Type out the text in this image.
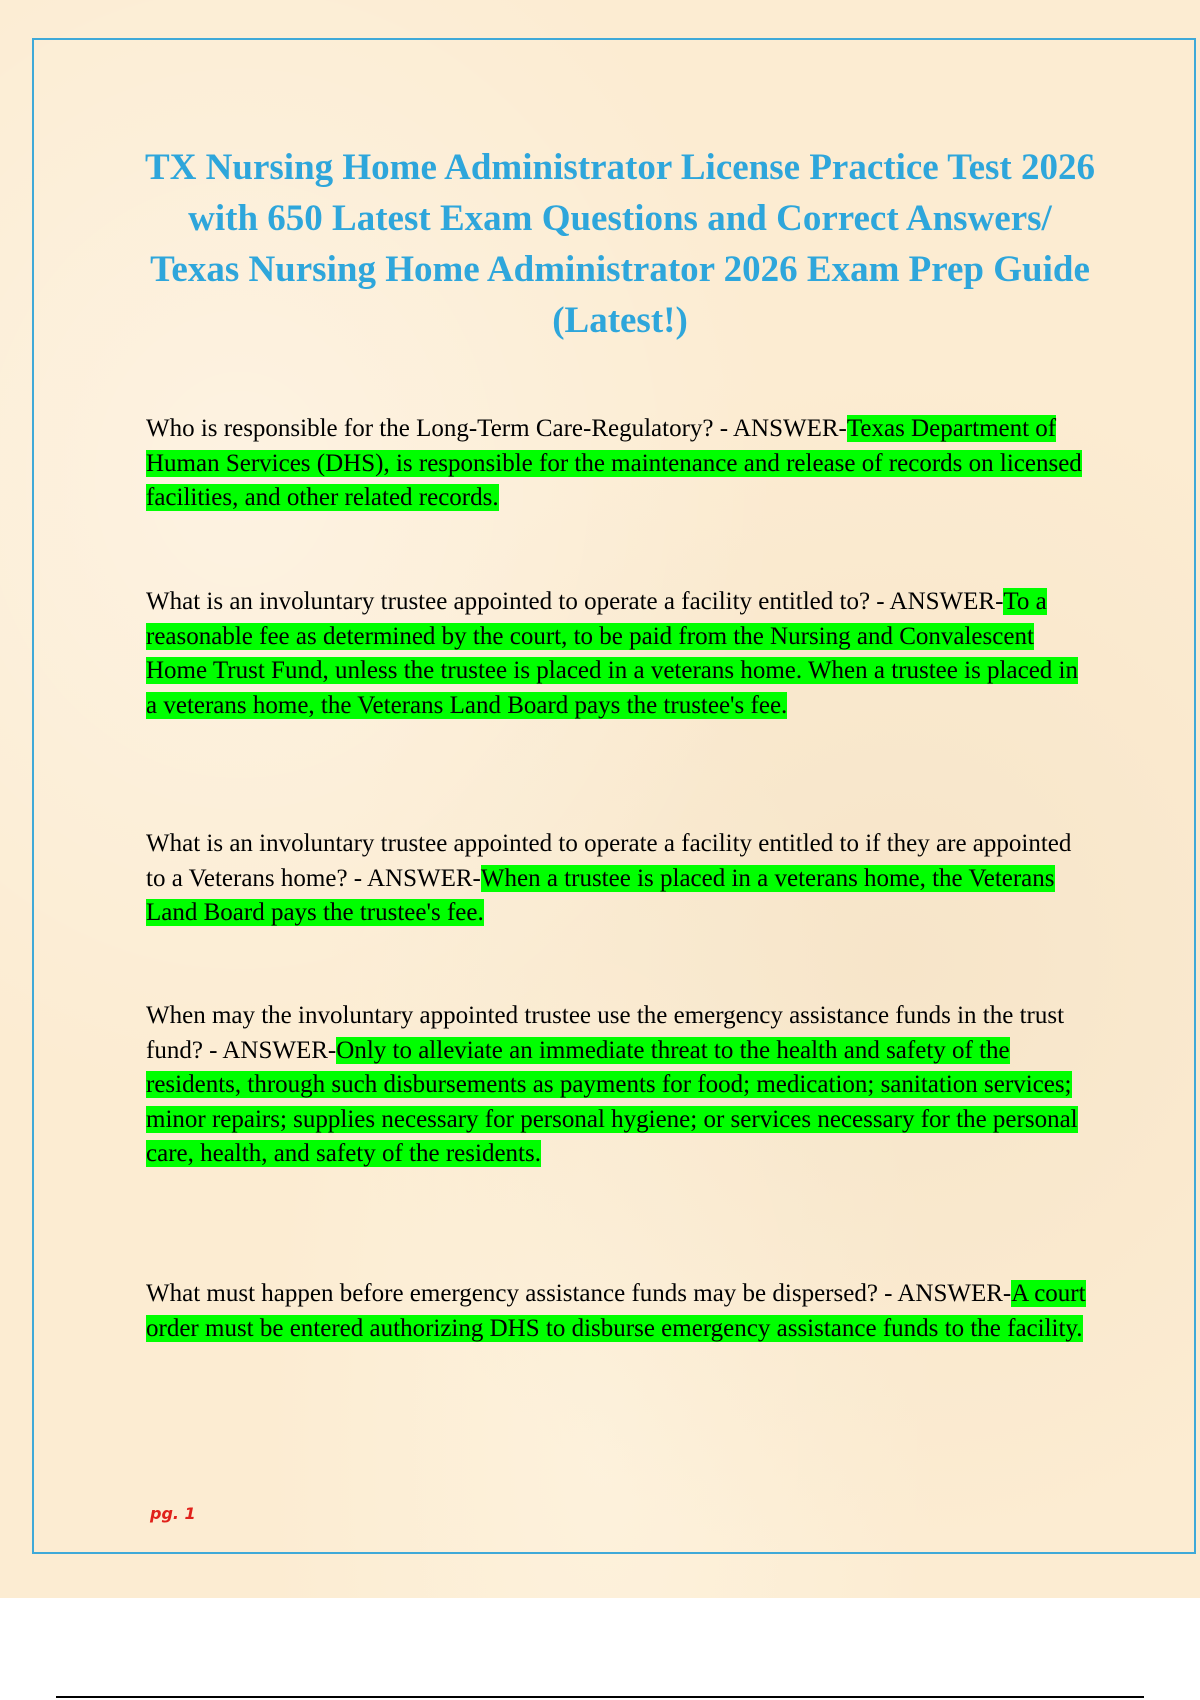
TX Nursing Home Administrator License Practice Test 2026 with 650 Latest Exam Questions and Correct Answers/ Texas Nursing Home Administrator 2026 Exam Prep Guide (Latest!)

Who is responsible for the Long-Term Care-Regulatory? - ANSWER-Texas Department of Human Services (DHS), is responsible for the maintenance and release of records on licensed facilities, and other related records.

What is an involuntary trustee appointed to operate a facility entitled to? - ANSWER-To a reasonable fee as determined by the court, to be paid from the Nursing and Convalescent Home Trust Fund, unless the trustee is placed in a veterans home. When a trustee is placed in a veterans home, the Veterans Land Board pays the trustee's fee.

What is an involuntary trustee appointed to operate a facility entitled to if they are appointed to a Veterans home? - ANSWER-When a trustee is placed in a veterans home, the Veterans Land Board pays the trustee's fee.

When may the involuntary appointed trustee use the emergency assistance funds in the trust fund? - ANSWER-Only to alleviate an immediate threat to the health and safety of the residents, through such disbursements as payments for food; medication; sanitation services; minor repairs; supplies necessary for personal hygiene; or services necessary for the personal care, health, and safety of the residents.

What must happen before emergency assistance funds may be dispersed? - ANSWER-A court order must be entered authorizing DHS to disburse emergency assistance funds to the facility.

pg. 1
